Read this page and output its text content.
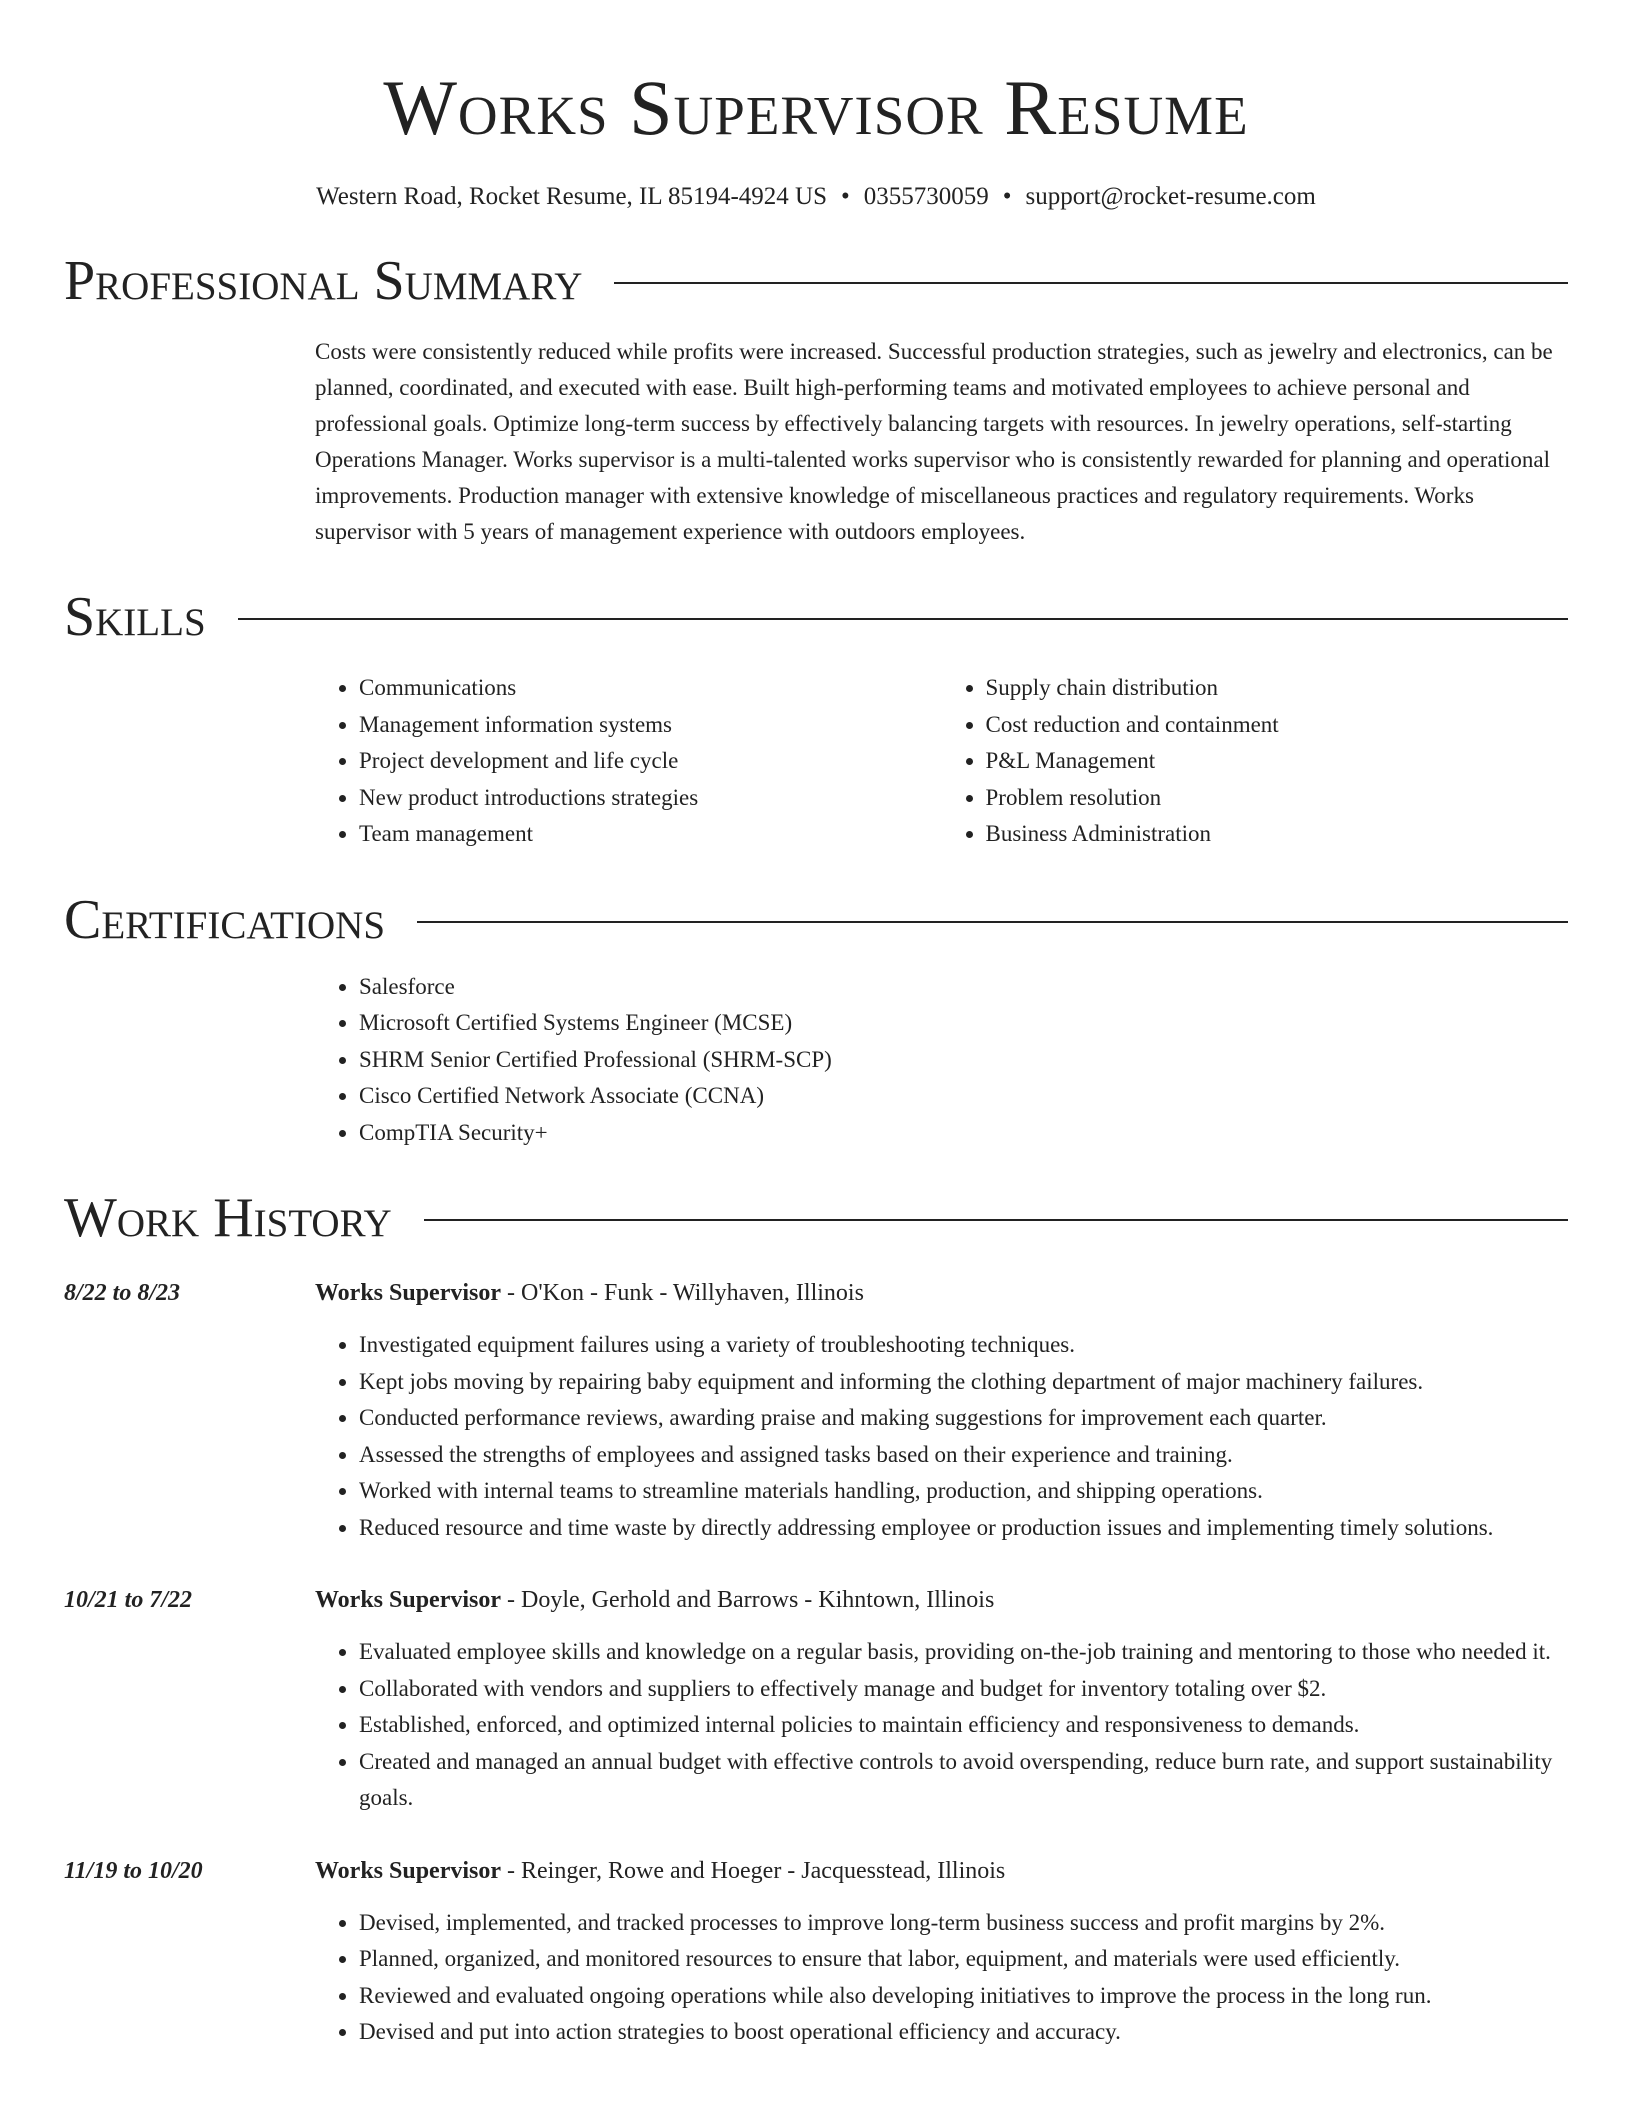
Works Supervisor Resume
Western Road, Rocket Resume, IL 85194-4924 US • 0355730059 • support@rocket-resume.com
Professional Summary

Costs were consistently reduced while profits were increased. Successful production strategies, such as jewelry and electronics, can be planned, coordinated, and executed with ease. Built high-performing teams and motivated employees to achieve personal and professional goals. Optimize long-term success by effectively balancing targets with resources. In jewelry operations, self-starting Operations Manager. Works supervisor is a multi-talented works supervisor who is consistently rewarded for planning and operational improvements. Production manager with extensive knowledge of miscellaneous practices and regulatory requirements. Works supervisor with 5 years of management experience with outdoors employees.

Skills
• Communications
• Management information systems
• Project development and life cycle
• New product introductions strategies
• Team management
• Supply chain distribution
• Cost reduction and containment
• P&L Management
• Problem resolution
• Business Administration
Certifications
• Salesforce
• Microsoft Certified Systems Engineer (MCSE)
• SHRM Senior Certified Professional (SHRM-SCP)
• Cisco Certified Network Associate (CCNA)
• CompTIA Security+
Work History
8/22 to 8/23	Works Supervisor - O'Kon - Funk - Willyhaven, Illinois
• Investigated equipment failures using a variety of troubleshooting techniques.
• Kept jobs moving by repairing baby equipment and informing the clothing department of major machinery failures.
• Conducted performance reviews, awarding praise and making suggestions for improvement each quarter.
• Assessed the strengths of employees and assigned tasks based on their experience and training.
• Worked with internal teams to streamline materials handling, production, and shipping operations.
• Reduced resource and time waste by directly addressing employee or production issues and implementing timely solutions.
10/21 to 7/22	Works Supervisor - Doyle, Gerhold and Barrows - Kihntown, Illinois
• Evaluated employee skills and knowledge on a regular basis, providing on-the-job training and mentoring to those who needed it.
• Collaborated with vendors and suppliers to effectively manage and budget for inventory totaling over $2.
• Established, enforced, and optimized internal policies to maintain efficiency and responsiveness to demands.
• Created and managed an annual budget with effective controls to avoid overspending, reduce burn rate, and support sustainability goals.
11/19 to 10/20	Works Supervisor - Reinger, Rowe and Hoeger - Jacquesstead, Illinois
• Devised, implemented, and tracked processes to improve long-term business success and profit margins by 2%.
• Planned, organized, and monitored resources to ensure that labor, equipment, and materials were used efficiently.
• Reviewed and evaluated ongoing operations while also developing initiatives to improve the process in the long run.
• Devised and put into action strategies to boost operational efficiency and accuracy.
